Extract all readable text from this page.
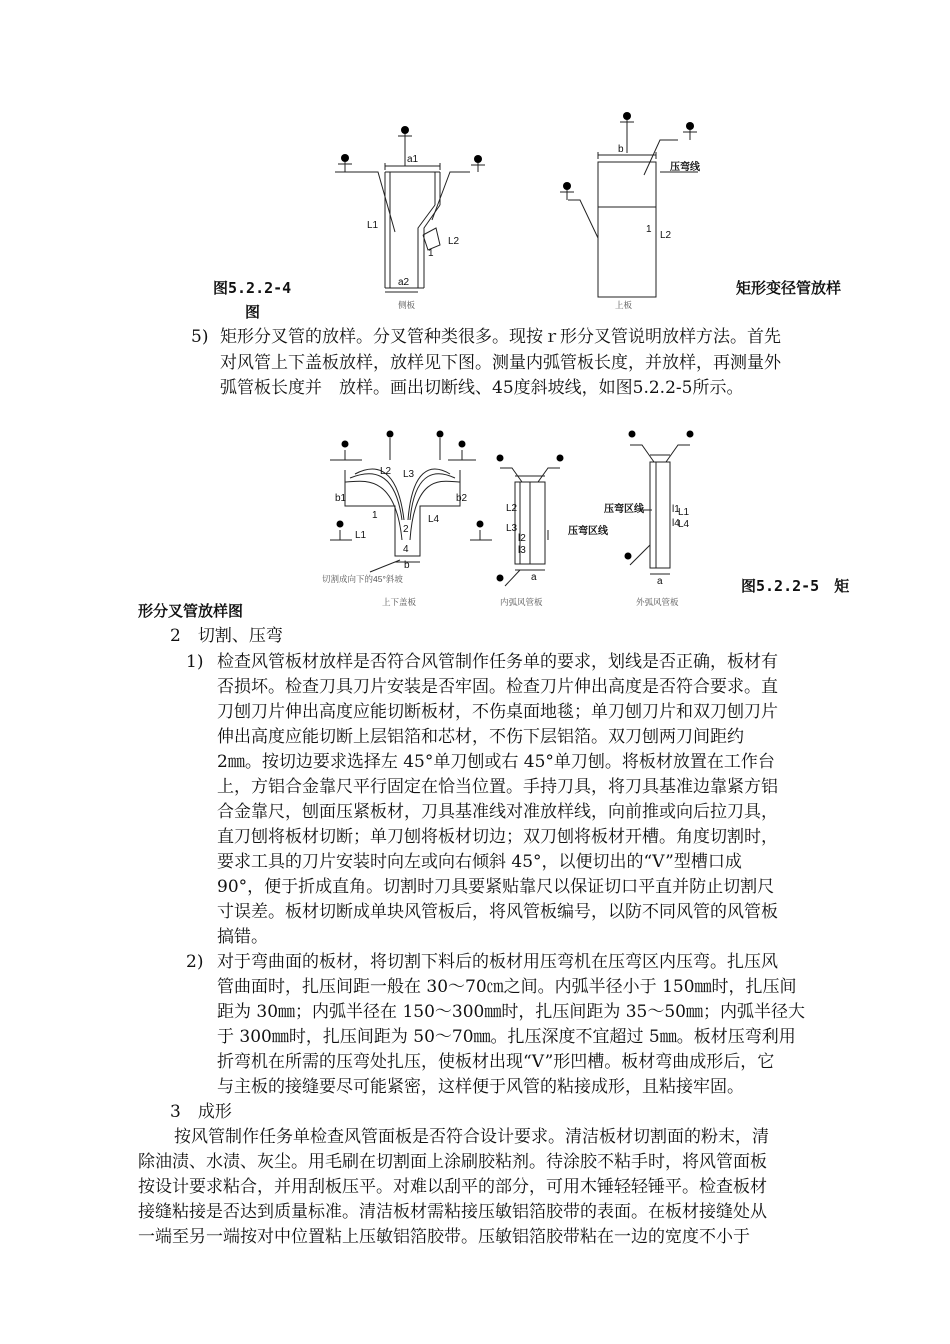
a1
a2
L1
L2
1
侧板
b
L2
1
压弯线
上板
图5.2.2-4
图
矩形变径管放样
5) 矩形分叉管的放样。分叉管种类很多。现按ｒ形分叉管说明放样方法。首先
对风管上下盖板放样，放样见下图。测量内弧管板长度，并放样，再测量外
弧管板长度并　放样。画出切断线、45度斜坡线，如图5.2.2-5所示。
L2 L3
b1	b2
L1
1	L4
2
4
b
切割成向下的45°斜坡
上下盖板
L2
L3
l2
l3
压弯区线
a
内弧风管板
压弯区线	L1
L4
l1
l4
a
外弧风管板
图5.2.2-5　矩
形分叉管放样图
2　切割、压弯
1) 检查风管板材放样是否符合风管制作任务单的要求，划线是否正确，板材有
否损坏。检查刀具刀片安装是否牢固。检查刀片伸出高度是否符合要求。直
刀刨刀片伸出高度应能切断板材，不伤桌面地毯；单刀刨刀片和双刀刨刀片
伸出高度应能切断上层铝箔和芯材，不伤下层铝箔。双刀刨两刀间距约
2㎜。按切边要求选择左 45°单刀刨或右 45°单刀刨。将板材放置在工作台
上，方铝合金靠尺平行固定在恰当位置。手持刀具，将刀具基准边靠紧方铝
合金靠尺，刨面压紧板材，刀具基准线对准放样线，向前推或向后拉刀具，
直刀刨将板材切断；单刀刨将板材切边；双刀刨将板材开槽。角度切割时，
要求工具的刀片安装时向左或向右倾斜 45°，以便切出的“V”型槽口成
90°，便于折成直角。切割时刀具要紧贴靠尺以保证切口平直并防止切割尺
寸误差。板材切断成单块风管板后，将风管板编号，以防不同风管的风管板
搞错。
2) 对于弯曲面的板材，将切割下料后的板材用压弯机在压弯区内压弯。扎压风
管曲面时，扎压间距一般在 30～70㎝之间。内弧半径小于 150㎜时，扎压间
距为 30㎜；内弧半径在 150～300㎜时，扎压间距为 35～50㎜；内弧半径大
于 300㎜时，扎压间距为 50～70㎜。扎压深度不宜超过 5㎜。板材压弯利用
折弯机在所需的压弯处扎压，使板材出现“V”形凹槽。板材弯曲成形后，它
与主板的接缝要尽可能紧密，这样便于风管的粘接成形，且粘接牢固。
3　成形
按风管制作任务单检查风管面板是否符合设计要求。清洁板材切割面的粉末，清
除油渍、水渍、灰尘。用毛刷在切割面上涂刷胶粘剂。待涂胶不粘手时，将风管面板
按设计要求粘合，并用刮板压平。对难以刮平的部分，可用木锤轻轻锤平。检查板材
接缝粘接是否达到质量标准。清洁板材需粘接压敏铝箔胶带的表面。在板材接缝处从
一端至另一端按对中位置粘上压敏铝箔胶带。压敏铝箔胶带粘在一边的宽度不小于
